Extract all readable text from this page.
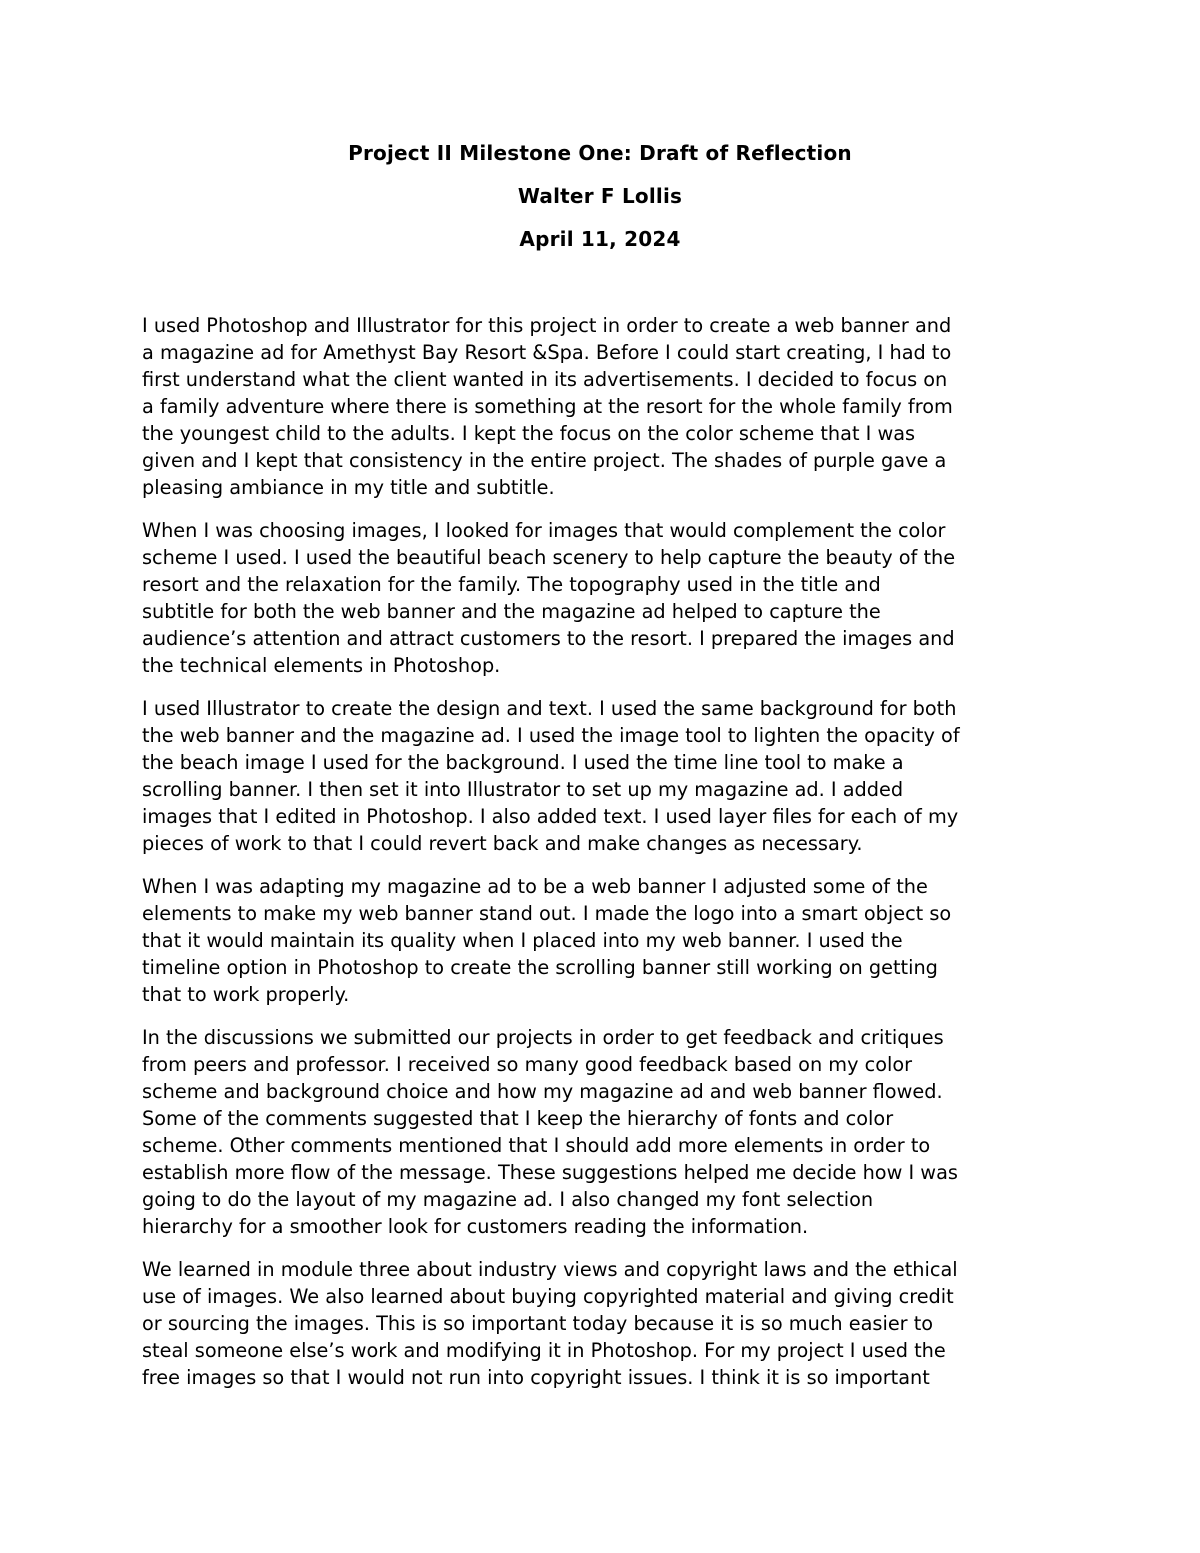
Project II Milestone One: Draft of Reflection
Walter F Lollis
April 11, 2024

I used Photoshop and Illustrator for this project in order to create a web banner and
a magazine ad for Amethyst Bay Resort &Spa. Before I could start creating, I had to
first understand what the client wanted in its advertisements. I decided to focus on
a family adventure where there is something at the resort for the whole family from
the youngest child to the adults. I kept the focus on the color scheme that I was
given and I kept that consistency in the entire project. The shades of purple gave a
pleasing ambiance in my title and subtitle.

When I was choosing images, I looked for images that would complement the color
scheme I used. I used the beautiful beach scenery to help capture the beauty of the
resort and the relaxation for the family. The topography used in the title and
subtitle for both the web banner and the magazine ad helped to capture the
audience’s attention and attract customers to the resort. I prepared the images and
the technical elements in Photoshop.

I used Illustrator to create the design and text. I used the same background for both
the web banner and the magazine ad. I used the image tool to lighten the opacity of
the beach image I used for the background. I used the time line tool to make a
scrolling banner. I then set it into Illustrator to set up my magazine ad. I added
images that I edited in Photoshop. I also added text. I used layer files for each of my
pieces of work to that I could revert back and make changes as necessary.

When I was adapting my magazine ad to be a web banner I adjusted some of the
elements to make my web banner stand out. I made the logo into a smart object so
that it would maintain its quality when I placed into my web banner. I used the
timeline option in Photoshop to create the scrolling banner still working on getting
that to work properly.

In the discussions we submitted our projects in order to get feedback and critiques
from peers and professor. I received so many good feedback based on my color
scheme and background choice and how my magazine ad and web banner flowed.
Some of the comments suggested that I keep the hierarchy of fonts and color
scheme. Other comments mentioned that I should add more elements in order to
establish more flow of the message. These suggestions helped me decide how I was
going to do the layout of my magazine ad. I also changed my font selection
hierarchy for a smoother look for customers reading the information.

We learned in module three about industry views and copyright laws and the ethical
use of images. We also learned about buying copyrighted material and giving credit
or sourcing the images. This is so important today because it is so much easier to
steal someone else’s work and modifying it in Photoshop. For my project I used the
free images so that I would not run into copyright issues. I think it is so important
